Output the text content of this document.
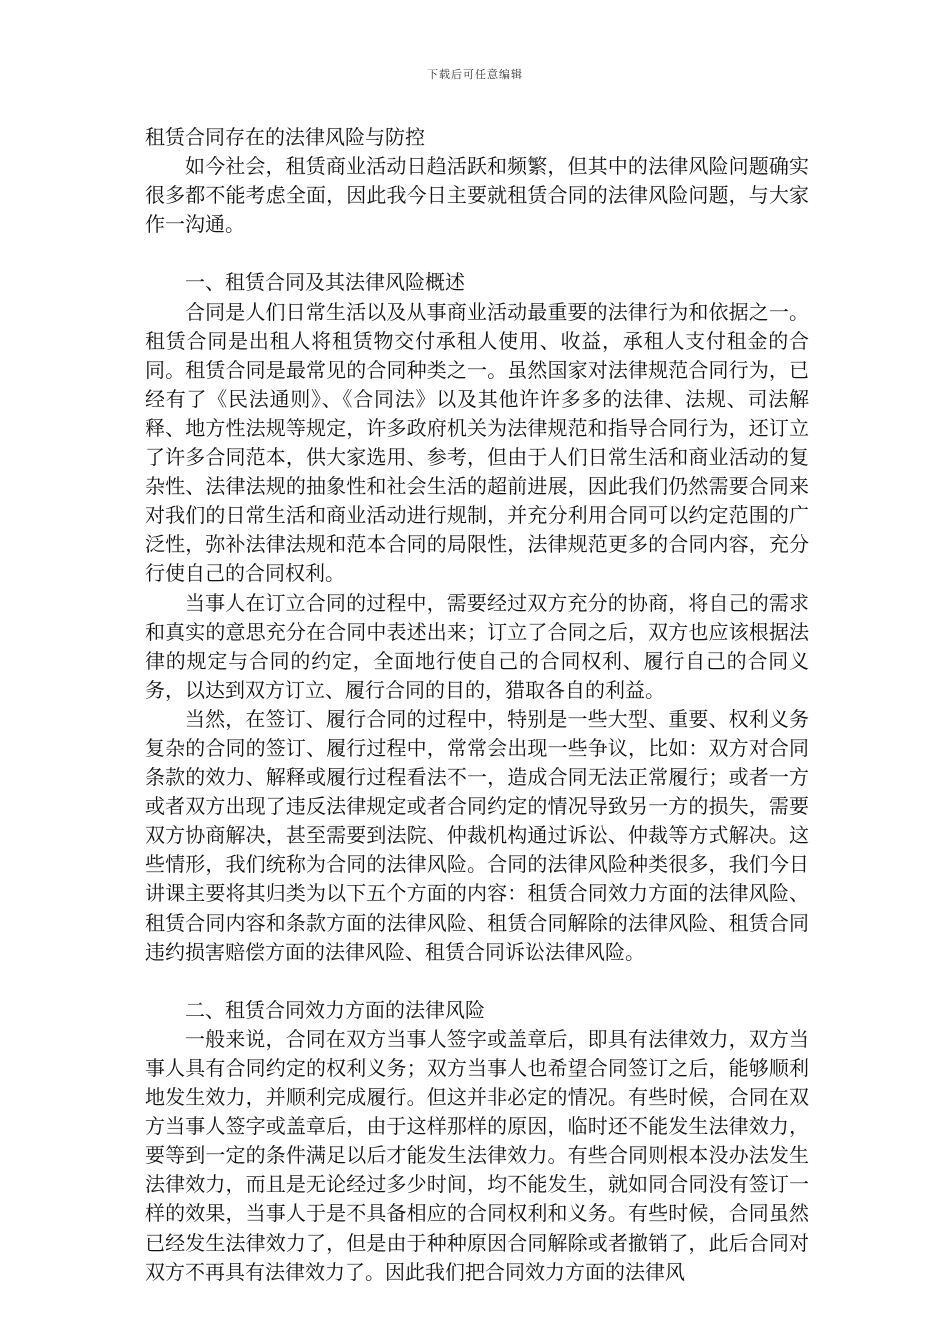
下载后可任意编辑
租赁合同存在的法律风险与防控

如今社会，租赁商业活动日趋活跃和频繁，但其中的法律风险问题确实很多都不能考虑全面，因此我今日主要就租赁合同的法律风险问题，与大家作一沟通。

一、租赁合同及其法律风险概述

合同是人们日常生活以及从事商业活动最重要的法律行为和依据之一。租赁合同是出租人将租赁物交付承租人使用、收益，承租人支付租金的合同。租赁合同是最常见的合同种类之一。虽然国家对法律规范合同行为，已经有了《民法通则》、《合同法》以及其他许许多多的法律、法规、司法解释、地方性法规等规定，许多政府机关为法律规范和指导合同行为，还订立了许多合同范本，供大家选用、参考，但由于人们日常生活和商业活动的复杂性、法律法规的抽象性和社会生活的超前进展，因此我们仍然需要合同来对我们的日常生活和商业活动进行规制，并充分利用合同可以约定范围的广泛性，弥补法律法规和范本合同的局限性，法律规范更多的合同内容，充分行使自己的合同权利。

当事人在订立合同的过程中，需要经过双方充分的协商，将自己的需求和真实的意思充分在合同中表述出来；订立了合同之后，双方也应该根据法律的规定与合同的约定，全面地行使自己的合同权利、履行自己的合同义务，以达到双方订立、履行合同的目的，猎取各自的利益。

当然，在签订、履行合同的过程中，特别是一些大型、重要、权利义务复杂的合同的签订、履行过程中，常常会出现一些争议，比如：双方对合同条款的效力、解释或履行过程看法不一，造成合同无法正常履行；或者一方或者双方出现了违反法律规定或者合同约定的情况导致另一方的损失，需要双方协商解决，甚至需要到法院、仲裁机构通过诉讼、仲裁等方式解决。这些情形，我们统称为合同的法律风险。合同的法律风险种类很多，我们今日讲课主要将其归类为以下五个方面的内容：租赁合同效力方面的法律风险、租赁合同内容和条款方面的法律风险、租赁合同解除的法律风险、租赁合同违约损害赔偿方面的法律风险、租赁合同诉讼法律风险。

二、租赁合同效力方面的法律风险

一般来说，合同在双方当事人签字或盖章后，即具有法律效力，双方当事人具有合同约定的权利义务；双方当事人也希望合同签订之后，能够顺利地发生效力，并顺利完成履行。但这并非必定的情况。有些时候，合同在双方当事人签字或盖章后，由于这样那样的原因，临时还不能发生法律效力，要等到一定的条件满足以后才能发生法律效力。有些合同则根本没办法发生法律效力，而且是无论经过多少时间，均不能发生，就如同合同没有签订一样的效果，当事人于是不具备相应的合同权利和义务。有些时候，合同虽然已经发生法律效力了，但是由于种种原因合同解除或者撤销了，此后合同对双方不再具有法律效力了。因此我们把合同效力方面的法律风
